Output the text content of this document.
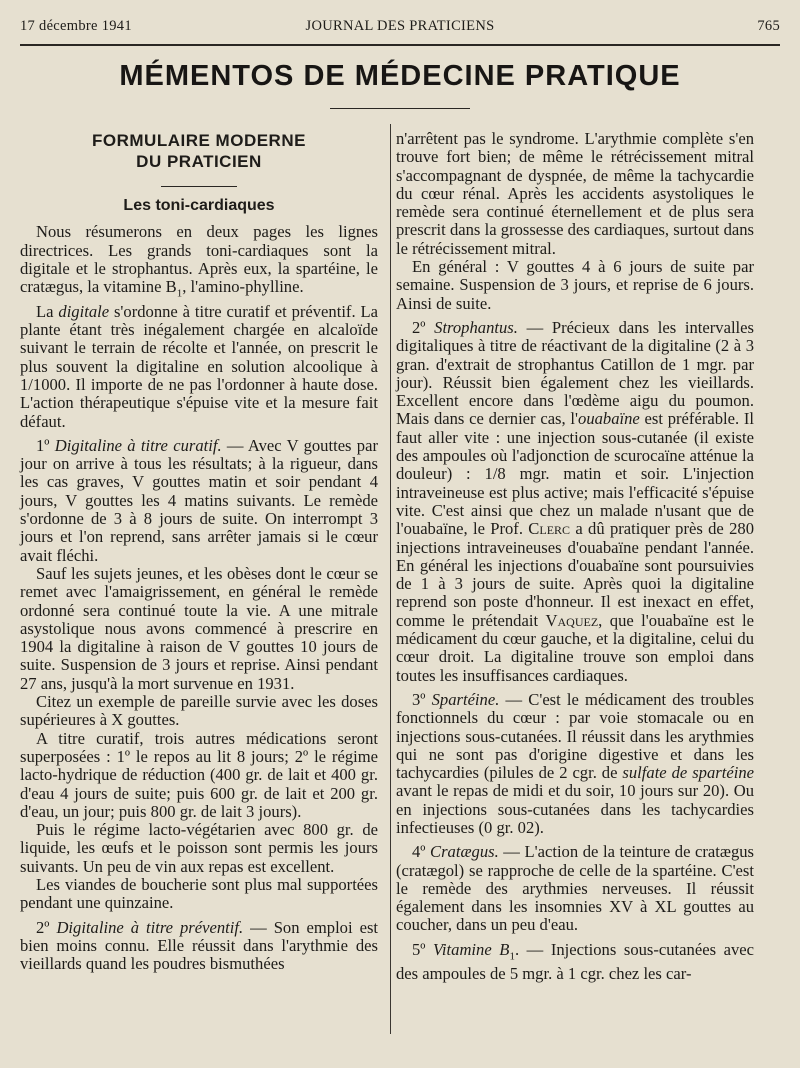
17 décembre 1941	JOURNAL DES PRATICIENS	765
MÉMENTOS DE MÉDECINE PRATIQUE
FORMULAIRE MODERNE
DU PRATICIEN
Les toni-cardiaques

Nous résumerons en deux pages les lignes directrices. Les grands toni-cardiaques sont la digitale et le strophantus. Après eux, la spartéine, le cratægus, la vitamine $B_1$, l'amino-phylline.

La digitale s'ordonne à titre curatif et préventif. La plante étant très inégalement chargée en alcaloïde suivant le terrain de récolte et l'année, on prescrit le plus souvent la digitaline en solution alcoolique à 1/1000. Il importe de ne pas l'ordonner à haute dose. L'action thérapeutique s'épuise vite et la mesure fait défaut.

1º Digitaline à titre curatif. — Avec V gouttes par jour on arrive à tous les résultats; à la rigueur, dans les cas graves, V gouttes matin et soir pendant 4 jours, V gouttes les 4 matins suivants. Le remède s'ordonne de 3 à 8 jours de suite. On interrompt 3 jours et l'on reprend, sans arrêter jamais si le cœur avait fléchi.

Sauf les sujets jeunes, et les obèses dont le cœur se remet avec l'amaigrissement, en général le remède ordonné sera continué toute la vie. A une mitrale asystolique nous avons commencé à prescrire en 1904 la digitaline à raison de V gouttes 10 jours de suite. Suspension de 3 jours et reprise. Ainsi pendant 27 ans, jusqu'à la mort survenue en 1931.

Citez un exemple de pareille survie avec les doses supérieures à X gouttes.

A titre curatif, trois autres médications seront superposées : 1º le repos au lit 8 jours; 2º le régime lacto-hydrique de réduction (400 gr. de lait et 400 gr. d'eau 4 jours de suite; puis 600 gr. de lait et 200 gr. d'eau, un jour; puis 800 gr. de lait 3 jours).

Puis le régime lacto-végétarien avec 800 gr. de liquide, les œufs et le poisson sont permis les jours suivants. Un peu de vin aux repas est excellent.

Les viandes de boucherie sont plus mal supportées pendant une quinzaine.

2º Digitaline à titre préventif. — Son emploi est bien moins connu. Elle réussit dans l'arythmie des vieillards quand les poudres bismuthées

n'arrêtent pas le syndrome. L'arythmie complète s'en trouve fort bien; de même le rétrécissement mitral s'accompagnant de dyspnée, de même la tachycardie du cœur rénal. Après les accidents asystoliques le remède sera continué éternellement et de plus sera prescrit dans la grossesse des cardiaques, surtout dans le rétrécissement mitral.

En général : V gouttes 4 à 6 jours de suite par semaine. Suspension de 3 jours, et reprise de 6 jours. Ainsi de suite.

2º Strophantus. — Précieux dans les intervalles digitaliques à titre de réactivant de la digitaline (2 à 3 gran. d'extrait de strophantus Catillon de 1 mgr. par jour). Réussit bien également chez les vieillards. Excellent encore dans l'œdème aigu du poumon. Mais dans ce dernier cas, l'ouabaïne est préférable. Il faut aller vite : une injection sous-cutanée (il existe des ampoules où l'adjonction de scurocaïne atténue la douleur) : 1/8 mgr. matin et soir. L'injection intraveineuse est plus active; mais l'efficacité s'épuise vite. C'est ainsi que chez un malade n'usant que de l'ouabaïne, le Prof. Clerc a dû pratiquer près de 280 injections intraveineuses d'ouabaïne pendant l'année. En général les injections d'ouabaïne sont poursuivies de 1 à 3 jours de suite. Après quoi la digitaline reprend son poste d'honneur. Il est inexact en effet, comme le prétendait Vaquez, que l'ouabaïne est le médicament du cœur gauche, et la digitaline, celui du cœur droit. La digitaline trouve son emploi dans toutes les insuffisances cardiaques.

3º Spartéine. — C'est le médicament des troubles fonctionnels du cœur : par voie stomacale ou en injections sous-cutanées. Il réussit dans les arythmies qui ne sont pas d'origine digestive et dans les tachycardies (pilules de 2 cgr. de sulfate de spartéine avant le repas de midi et du soir, 10 jours sur 20). Ou en injections sous-cutanées dans les tachycardies infectieuses (0 gr. 02).

4º Cratægus. — L'action de la teinture de cratægus (cratægol) se rapproche de celle de la spartéine. C'est le remède des arythmies nerveuses. Il réussit également dans les insomnies XV à XL gouttes au coucher, dans un peu d'eau.

5º Vitamine $B_1$. — Injections sous-cutanées avec des ampoules de 5 mgr. à 1 cgr. chez les car-
